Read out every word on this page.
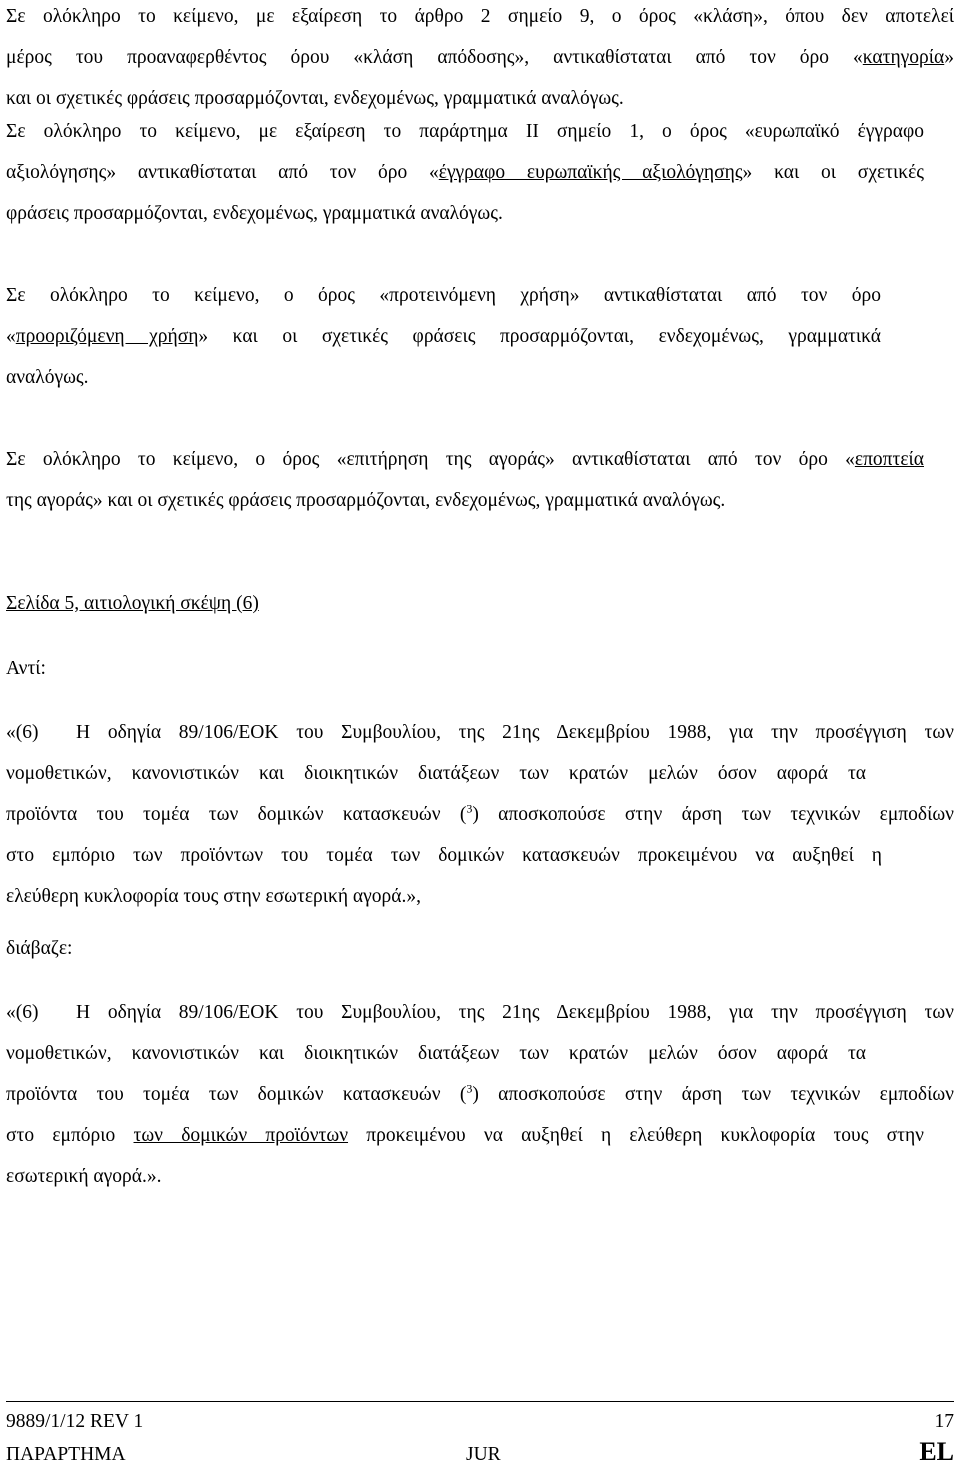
Σε ολόκληρο το κείμενο, με εξαίρεση το άρθρο 2 σημείο 9, ο όρος «κλάση», όπου δεν αποτελεί
μέρος του προαναφερθέντος όρου «κλάση απόδοσης», αντικαθίσταται από τον όρο «κατηγορία»
και οι σχετικές φράσεις προσαρμόζονται, ενδεχομένως, γραμματικά αναλόγως.
Σε ολόκληρο το κείμενο, με εξαίρεση το παράρτημα ΙΙ σημείο 1, ο όρος «ευρωπαϊκό έγγραφο
αξιολόγησης» αντικαθίσταται από τον όρο «έγγραφο ευρωπαϊκής αξιολόγησης» και οι σχετικές
φράσεις προσαρμόζονται, ενδεχομένως, γραμματικά αναλόγως.
Σε ολόκληρο το κείμενο, ο όρος «προτεινόμενη χρήση» αντικαθίσταται από τον όρο
«προοριζόμενη χρήση» και οι σχετικές φράσεις προσαρμόζονται, ενδεχομένως, γραμματικά
αναλόγως.
Σε ολόκληρο το κείμενο, ο όρος «επιτήρηση της αγοράς» αντικαθίσταται από τον όρο «εποπτεία
της αγοράς» και οι σχετικές φράσεις προσαρμόζονται, ενδεχομένως, γραμματικά αναλόγως.
Σελίδα 5, αιτιολογική σκέψη (6)
Αντί:
«(6) Η οδηγία 89/106/ΕΟΚ του Συμβουλίου, της 21ης Δεκεμβρίου 1988, για την προσέγγιση των
νομοθετικών, κανονιστικών και διοικητικών διατάξεων των κρατών μελών όσον αφορά τα
προϊόντα του τομέα των δομικών κατασκευών ($^3$) αποσκοπούσε στην άρση των τεχνικών εμποδίων
στο εμπόριο των προϊόντων του τομέα των δομικών κατασκευών προκειμένου να αυξηθεί η
ελεύθερη κυκλοφορία τους στην εσωτερική αγορά.»,
διάβαζε:
«(6) Η οδηγία 89/106/ΕΟΚ του Συμβουλίου, της 21ης Δεκεμβρίου 1988, για την προσέγγιση των
νομοθετικών, κανονιστικών και διοικητικών διατάξεων των κρατών μελών όσον αφορά τα
προϊόντα του τομέα των δομικών κατασκευών ($^3$) αποσκοπούσε στην άρση των τεχνικών εμποδίων
στο εμπόριο των δομικών προϊόντων προκειμένου να αυξηθεί η ελεύθερη κυκλοφορία τους στην
εσωτερική αγορά.».
9889/1/12 REV 1	17
ΠΑΡΑΡΤΗΜΑ	JUR	EL
